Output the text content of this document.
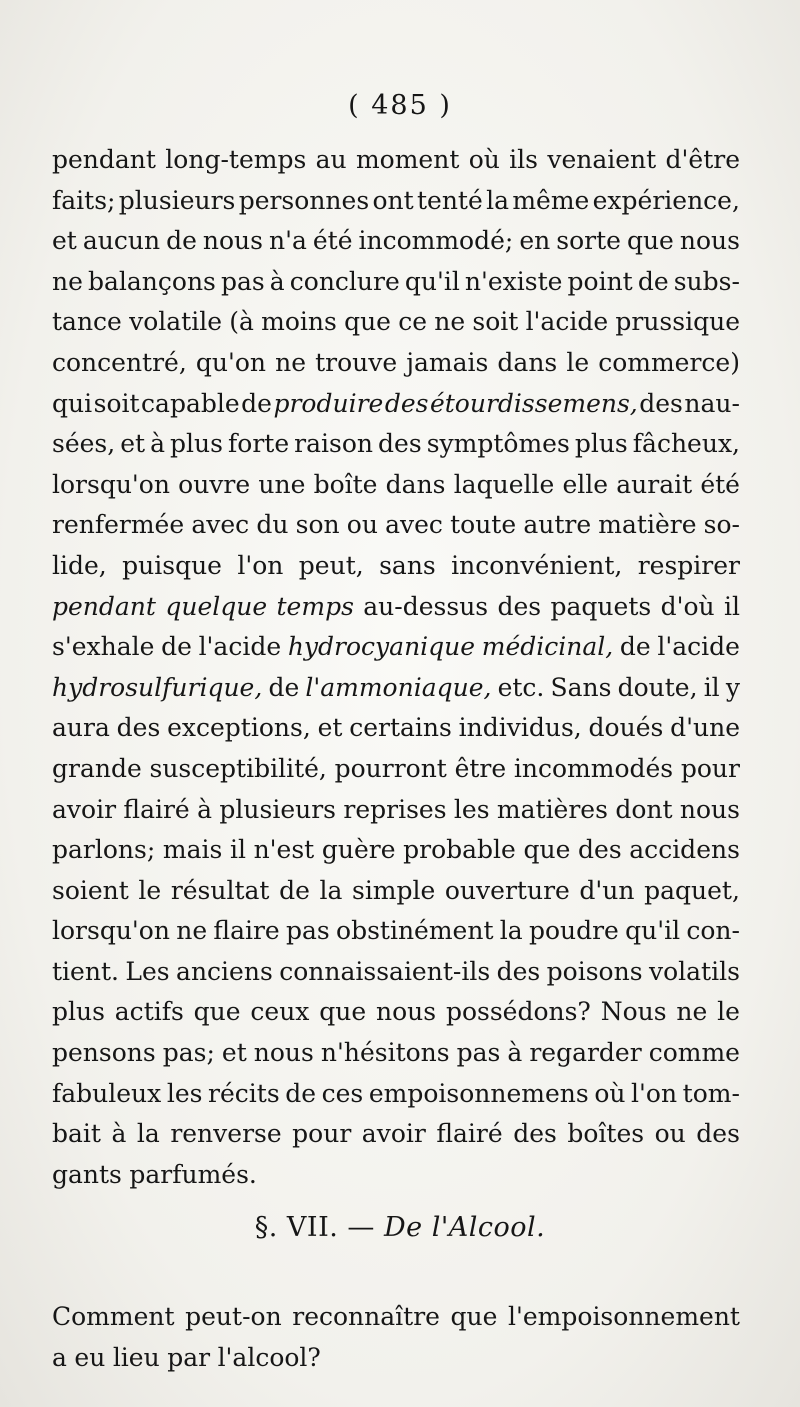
( 485 )
pendant long-temps au moment où ils venaient d'être
faits; plusieurs personnes ont tenté la même expérience,
et aucun de nous n'a été incommodé; en sorte que nous
ne balançons pas à conclure qu'il n'existe point de subs-
tance volatile (à moins que ce ne soit l'acide prussique
concentré, qu'on ne trouve jamais dans le commerce)
qui soit capable de produire des étourdissemens, des nau-
sées, et à plus forte raison des symptômes plus fâcheux,
lorsqu'on ouvre une boîte dans laquelle elle aurait été
renfermée avec du son ou avec toute autre matière so-
lide, puisque l'on peut, sans inconvénient, respirer
pendant quelque temps au-dessus des paquets d'où il
s'exhale de l'acide hydrocyanique médicinal, de l'acide
hydrosulfurique, de l'ammoniaque, etc. Sans doute, il y
aura des exceptions, et certains individus, doués d'une
grande susceptibilité, pourront être incommodés pour
avoir flairé à plusieurs reprises les matières dont nous
parlons; mais il n'est guère probable que des accidens
soient le résultat de la simple ouverture d'un paquet,
lorsqu'on ne flaire pas obstinément la poudre qu'il con-
tient. Les anciens connaissaient-ils des poisons volatils
plus actifs que ceux que nous possédons? Nous ne le
pensons pas; et nous n'hésitons pas à regarder comme
fabuleux les récits de ces empoisonnemens où l'on tom-
bait à la renverse pour avoir flairé des boîtes ou des
gants parfumés.
§. VII. — De l'Alcool.
Comment peut-on reconnaître que l'empoisonnement
a eu lieu par l'alcool?
